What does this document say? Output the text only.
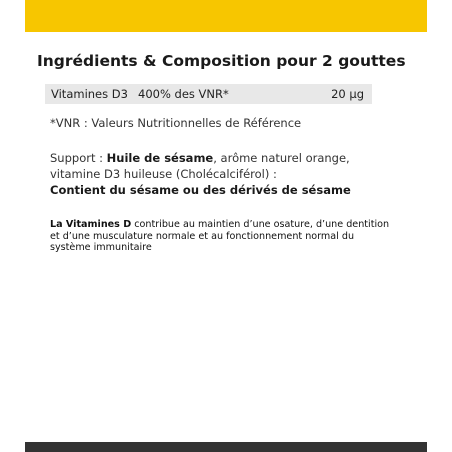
Ingrédients & Composition pour 2 gouttes
Vitamines D3 400% des VNR*	20 µg
*VNR : Valeurs Nutritionnelles de Référence
Support : Huile de sésame, arôme naturel orange,
vitamine D3 huileuse (Cholécalciférol) :
Contient du sésame ou des dérivés de sésame
La Vitamines D contribue au maintien d’une osature, d’une dentition et d’une musculature normale et au fonctionnement normal du système immunitaire
